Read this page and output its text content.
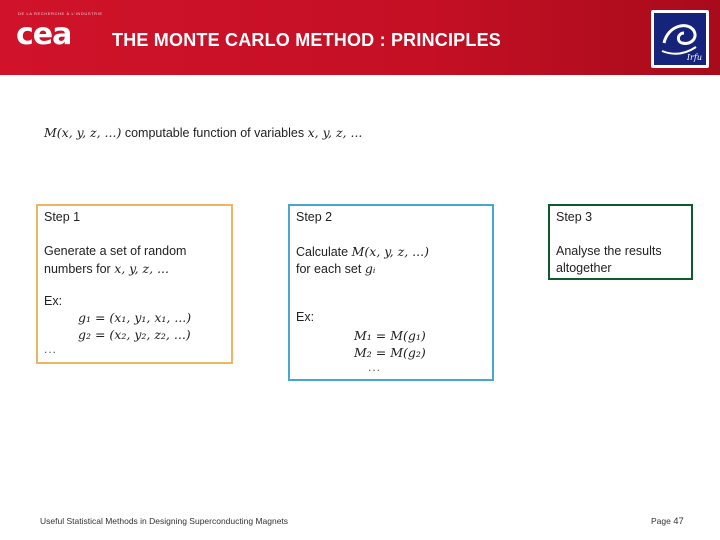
DE LA RECHERCHE À L'INDUSTRIE
cea THE MONTE CARLO METHOD : PRINCIPLES
Irfu
M(x, y, z, ...) computable function of variables x, y, z, ...
Step 1
Generate a set of random
numbers for x, y, z, ...
Ex:
g₁ = (x₁, y₁, x₁, ...)
g₂ = (x₂, y₂, z₂, ...)
...
Step 2
Calculate M(x, y, z, ...)
for each set gᵢ
Ex:
M₁ = M(g₁)
M₂ = M(g₂)
...
Step 3
Analyse the results
altogether
Useful Statistical Methods in Designing Superconducting Magnets	Page 47
